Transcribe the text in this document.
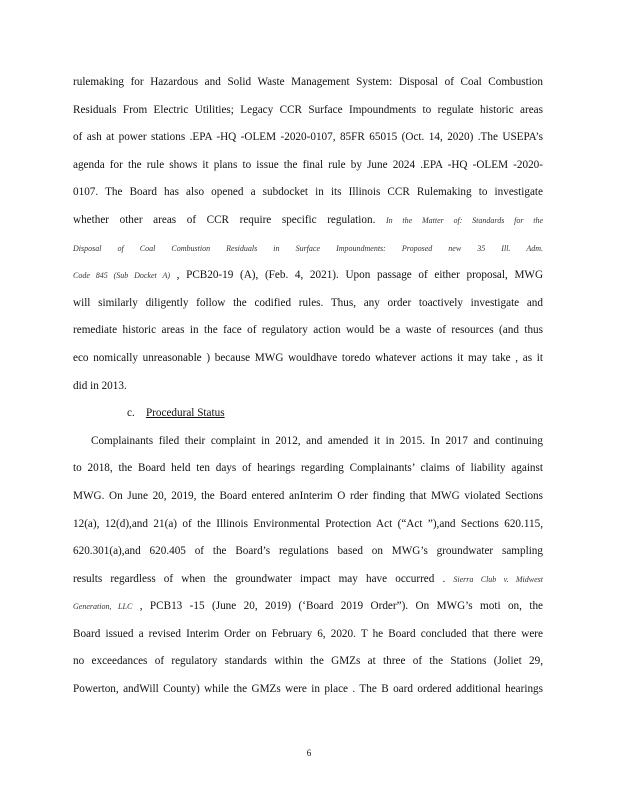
rulemaking for Hazardous and Solid Waste Management System: Disposal of Coal Combustion
Residuals From Electric Utilities; Legacy CCR Surface Impoundments to regulate historic areas
of ash at power stations .EPA -HQ -OLEM -2020-0107, 85FR 65015 (Oct. 14, 2020) .The USEPA’s
agenda for the rule shows it plans to issue the final rule by June 2024 .EPA -HQ -OLEM -2020-
0107. The Board has also opened a subdocket in its Illinois CCR Rulemaking to investigate
whether other areas of CCR require specific regulation. In the Matter of: Standards for the
Disposal of Coal Combustion Residuals in Surface Impoundments: Proposed new 35 Ill. Adm.
Code 845 (Sub Docket A) , PCB20-19 (A), (Feb. 4, 2021). Upon passage of either proposal, MWG
will similarly diligently follow the codified rules. Thus, any order toactively investigate and
remediate historic areas in the face of regulatory action would be a waste of resources (and thus
eco nomically unreasonable ) because MWG wouldhave toredo whatever actions it may take , as it
did in 2013.
c. Procedural Status
Complainants filed their complaint in 2012, and amended it in 2015. In 2017 and continuing
to 2018, the Board held ten days of hearings regarding Complainants’ claims of liability against
MWG. On June 20, 2019, the Board entered anInterim O rder finding that MWG violated Sections
12(a), 12(d),and 21(a) of the Illinois Environmental Protection Act (“Act ”),and Sections 620.115,
620.301(a),and 620.405 of the Board’s regulations based on MWG’s groundwater sampling
results regardless of when the groundwater impact may have occurred . Sierra Club v. Midwest
Generation, LLC , PCB13 -15 (June 20, 2019) (‘Board 2019 Order”). On MWG’s moti on, the
Board issued a revised Interim Order on February 6, 2020. T he Board concluded that there were
no exceedances of regulatory standards within the GMZs at three of the Stations (Joliet 29,
Powerton, andWill County) while the GMZs were in place . The B oard ordered additional hearings
6
